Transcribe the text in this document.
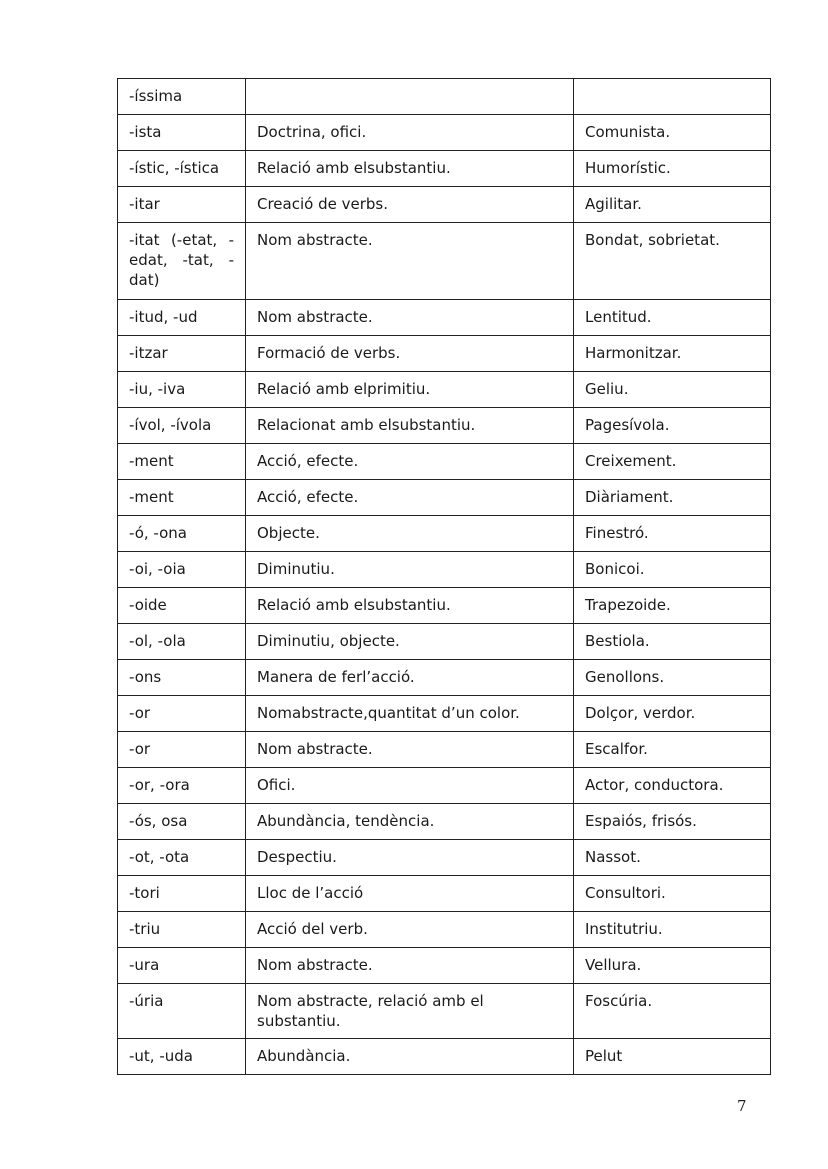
-íssima		
-ista	Doctrina, ofici.	Comunista.
-ístic, -ística	Relació amb elsubstantiu.	Humorístic.
-itar	Creació de verbs.	Agilitar.

-itat (-etat, -edat, -tat, -dat)	Nom abstracte.	Bondat, sobrietat.
-itud, -ud	Nom abstracte.	Lentitud.
-itzar	Formació de verbs.	Harmonitzar.
-iu, -iva	Relació amb elprimitiu.	Geliu.
-ívol, -ívola	Relacionat amb elsubstantiu.	Pagesívola.
-ment	Acció, efecte.	Creixement.
-ment	Acció, efecte.	Diàriament.
-ó, -ona	Objecte.	Finestró.
-oi, -oia	Diminutiu.	Bonicoi.
-oide	Relació amb elsubstantiu.	Trapezoide.
-ol, -ola	Diminutiu, objecte.	Bestiola.
-ons	Manera de ferl’acció.	Genollons.
-or	Nomabstracte,quantitat d’un color.	Dolçor, verdor.
-or	Nom abstracte.	Escalfor.
-or, -ora	Ofici.	Actor, conductora.
-ós, osa	Abundància, tendència.	Espaiós, frisós.
-ot, -ota	Despectiu.	Nassot.
-tori	Lloc de l’acció	Consultori.
-triu	Acció del verb.	Institutriu.
-ura	Nom abstracte.	Vellura.
-úria	Nom abstracte, relació amb el substantiu.	Foscúria.
-ut, -uda	Abundància.	Pelut
7
